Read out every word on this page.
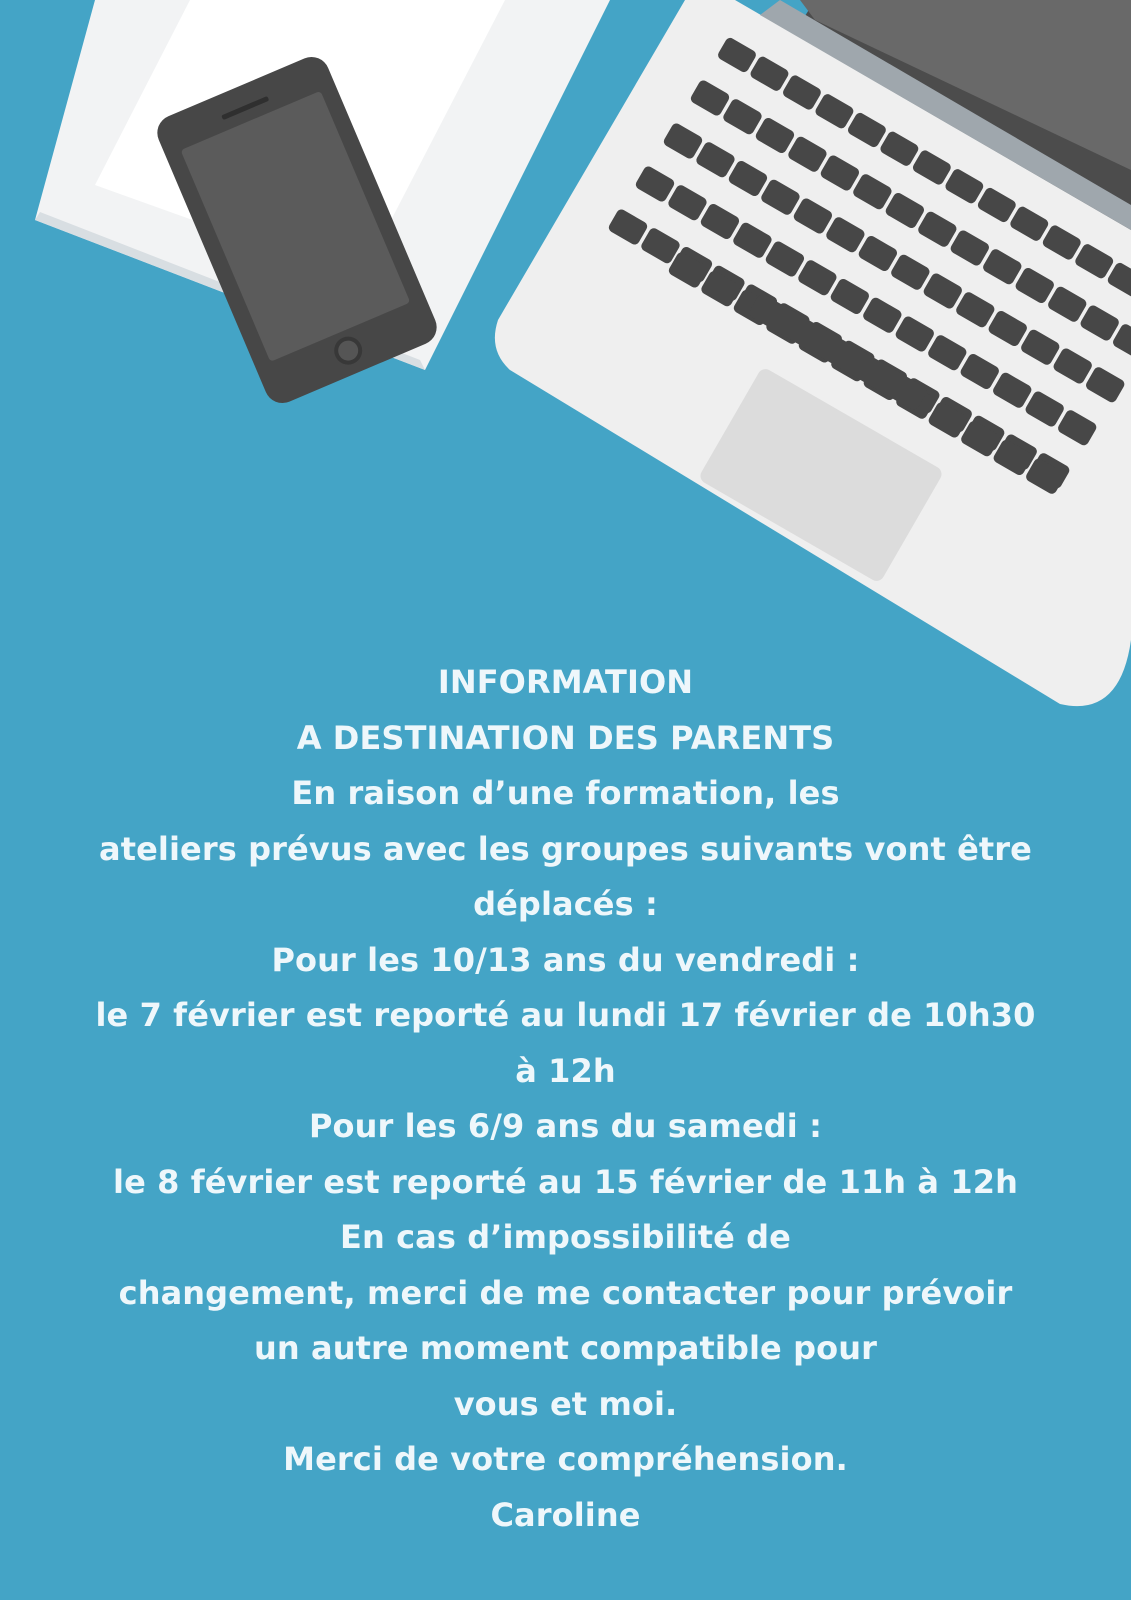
INFORMATION
A DESTINATION DES PARENTS
En raison d’une formation, les
ateliers prévus avec les groupes suivants vont être
déplacés :
Pour les 10/13 ans du vendredi :
le 7 février est reporté au lundi 17 février de 10h30
à 12h
Pour les 6/9 ans du samedi :
le 8 février est reporté au 15 février de 11h à 12h
En cas d’impossibilité de
changement, merci de me contacter pour prévoir
un autre moment compatible pour
vous et moi.
Merci de votre compréhension.
Caroline
